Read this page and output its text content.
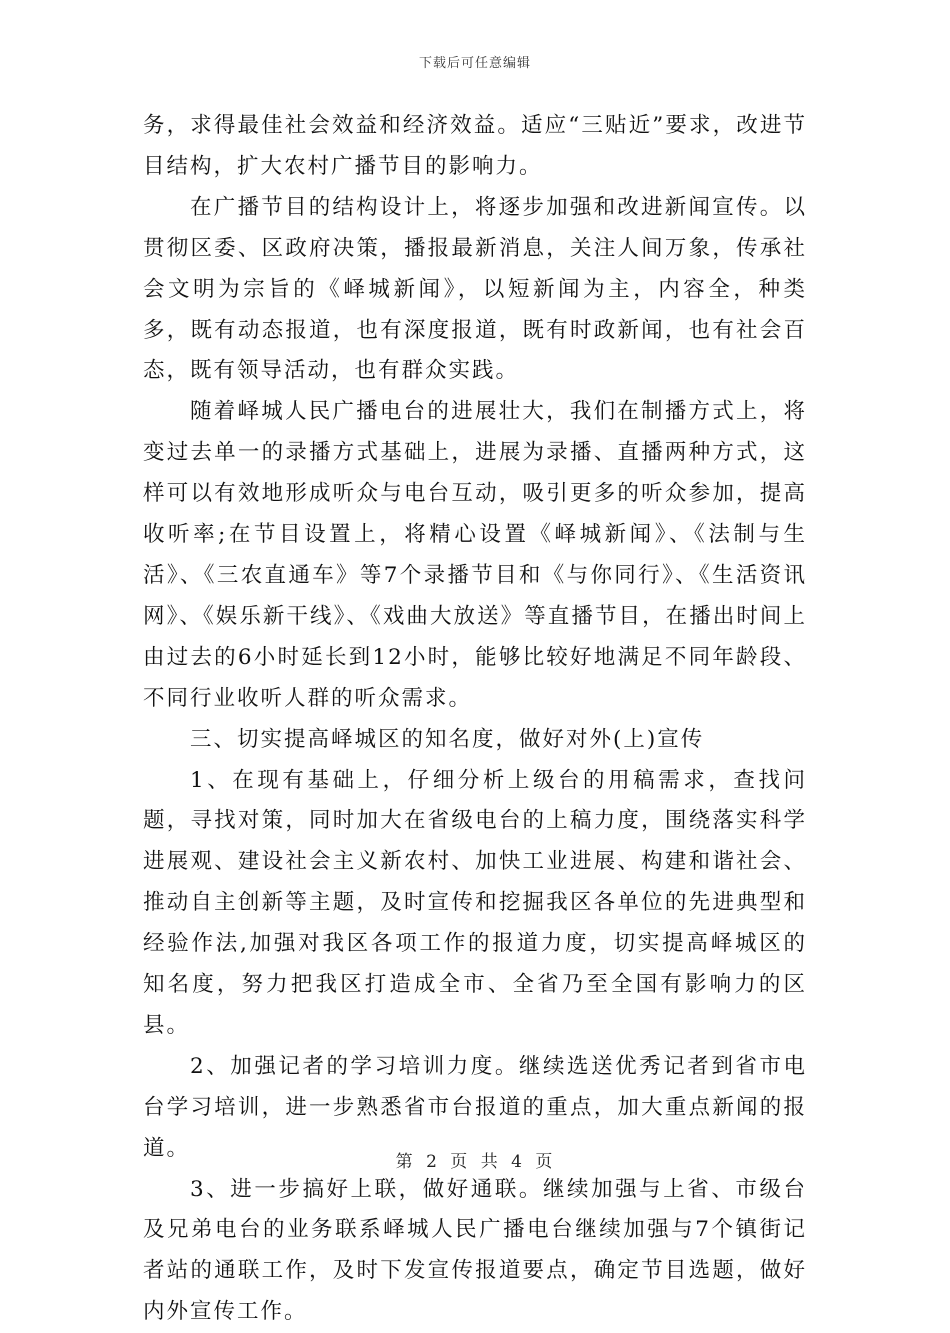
下载后可任意编辑

务，求得最佳社会效益和经济效益。适应“三贴近”要求，改进节目结构，扩大农村广播节目的影响力。

在广播节目的结构设计上，将逐步加强和改进新闻宣传。以贯彻区委、区政府决策，播报最新消息，关注人间万象，传承社会文明为宗旨的《峄城新闻》，以短新闻为主，内容全，种类多，既有动态报道，也有深度报道，既有时政新闻，也有社会百态，既有领导活动，也有群众实践。

随着峄城人民广播电台的进展壮大，我们在制播方式上，将变过去单一的录播方式基础上，进展为录播、直播两种方式，这样可以有效地形成听众与电台互动，吸引更多的听众参加，提高收听率;在节目设置上，将精心设置《峄城新闻》、《法制与生活》、《三农直通车》等7个录播节目和《与你同行》、《生活资讯网》、《娱乐新干线》、《戏曲大放送》等直播节目，在播出时间上由过去的6小时延长到12小时，能够比较好地满足不同年龄段、不同行业收听人群的听众需求。

三、切实提高峄城区的知名度，做好对外(上)宣传

1、在现有基础上，仔细分析上级台的用稿需求，查找问题，寻找对策，同时加大在省级电台的上稿力度，围绕落实科学进展观、建设社会主义新农村、加快工业进展、构建和谐社会、推动自主创新等主题，及时宣传和挖掘我区各单位的先进典型和经验作法,加强对我区各项工作的报道力度，切实提高峄城区的知名度，努力把我区打造成全市、全省乃至全国有影响力的区县。

2、加强记者的学习培训力度。继续选送优秀记者到省市电台学习培训，进一步熟悉省市台报道的重点，加大重点新闻的报道。

3、进一步搞好上联，做好通联。继续加强与上省、市级台及兄弟电台的业务联系峄城人民广播电台继续加强与7个镇街记者站的通联工作，及时下发宣传报道要点，确定节目选题，做好内外宣传工作。

第 2 页 共 4 页
